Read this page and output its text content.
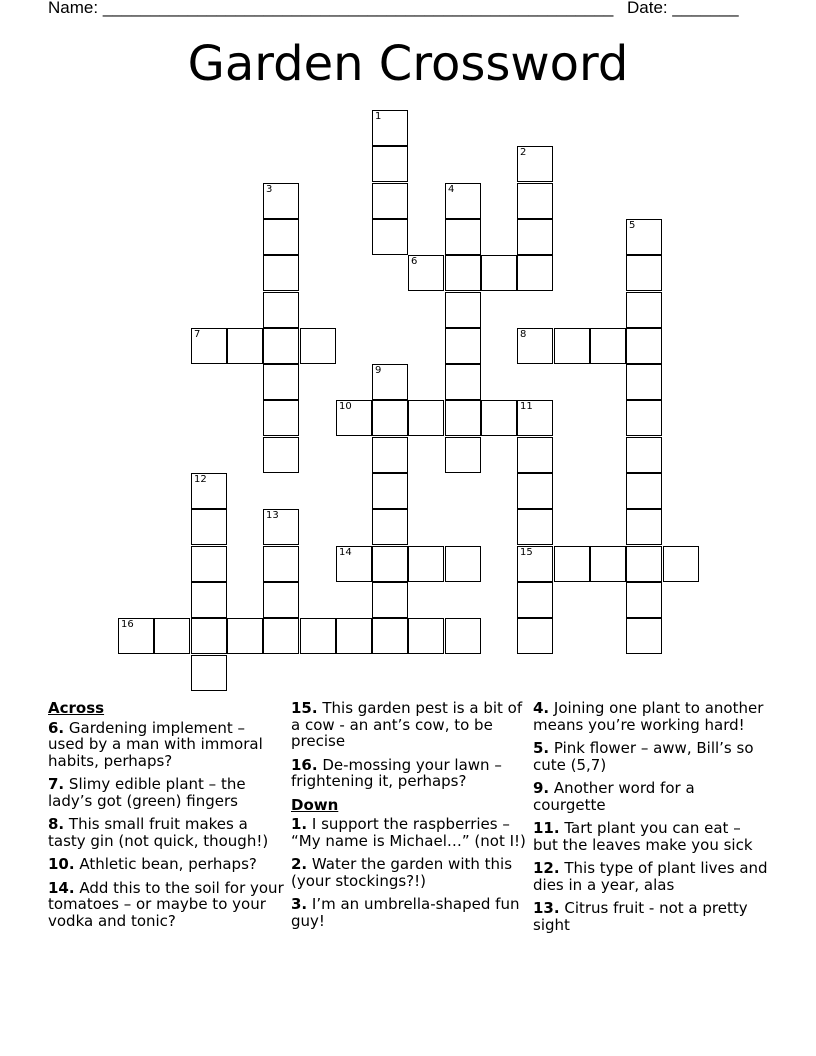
Name: ______________________________________________________ Date: _______
Garden Crossword
1
2
3	4
5
6
7	8
9
10	11
15
12
13
14
16
Across
6. Gardening implement – used by a man with immoral habits, perhaps?
7. Slimy edible plant – the lady’s got (green) fingers
8. This small fruit makes a tasty gin (not quick, though!)
10. Athletic bean, perhaps?
14. Add this to the soil for your tomatoes – or maybe to your vodka and tonic?
15. This garden pest is a bit of a cow - an ant’s cow, to be precise
16. De-mossing your lawn – frightening it, perhaps?
Down
1. I support the raspberries – “My name is Michael…” (not I!)
2. Water the garden with this (your stockings?!)
3. I’m an umbrella-shaped fun guy!
4. Joining one plant to another means you’re working hard!
5. Pink flower – aww, Bill’s so cute (5,7)
9. Another word for a courgette
11. Tart plant you can eat – but the leaves make you sick
12. This type of plant lives and dies in a year, alas
13. Citrus fruit - not a pretty sight
